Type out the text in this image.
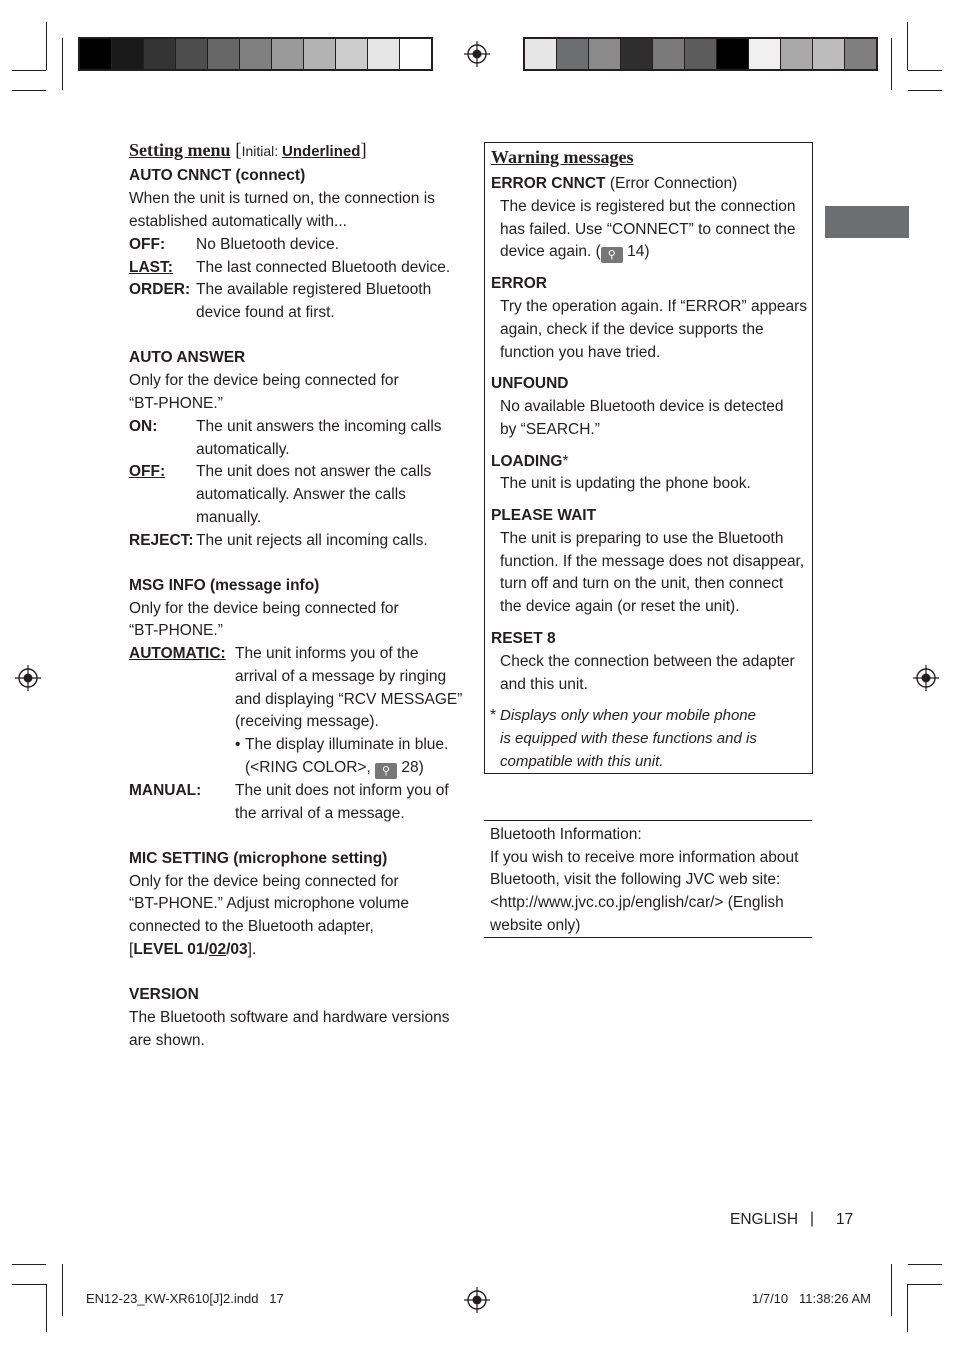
Setting menu [Initial: Underlined]
AUTO CNNCT (connect)
When the unit is turned on, the connection is
established automatically with...
OFF: No Bluetooth device.
LAST: The last connected Bluetooth device.
ORDER: The available registered Bluetooth
device found at first.
AUTO ANSWER
Only for the device being connected for
“BT-PHONE.”
ON: The unit answers the incoming calls
automatically.
OFF: The unit does not answer the calls
automatically. Answer the calls
manually.
REJECT: The unit rejects all incoming calls.
MSG INFO (message info)
Only for the device being connected for
“BT-PHONE.”
AUTOMATIC: The unit informs you of the
arrival of a message by ringing
and displaying “RCV MESSAGE”
(receiving message).
• The display illuminate in blue.
(<RING COLOR>, ⚲ 28)
MANUAL: The unit does not inform you of
the arrival of a message.
MIC SETTING (microphone setting)
Only for the device being connected for
“BT-PHONE.” Adjust microphone volume
connected to the Bluetooth adapter,
[LEVEL 01/02/03].
VERSION
The Bluetooth software and hardware versions
are shown.
Warning messages
ERROR CNNCT (Error Connection)
The device is registered but the connection
has failed. Use “CONNECT” to connect the
device again. ( ⚲ 14)
ERROR
Try the operation again. If “ERROR” appears
again, check if the device supports the
function you have tried.
UNFOUND
No available Bluetooth device is detected
by “SEARCH.”
LOADING*
The unit is updating the phone book.
PLEASE WAIT
The unit is preparing to use the Bluetooth
function. If the message does not disappear,
turn off and turn on the unit, then connect
the device again (or reset the unit).
RESET 8
Check the connection between the adapter
and this unit.
* Displays only when your mobile phone
is equipped with these functions and is
compatible with this unit.
Bluetooth Information:
If you wish to receive more information about
Bluetooth, visit the following JVC web site:
<http://www.jvc.co.jp/english/car/> (English
website only)
ENGLISH | 17
EN12-23_KW-XR610[J]2.indd   17	1/7/10   11:38:26 AM
